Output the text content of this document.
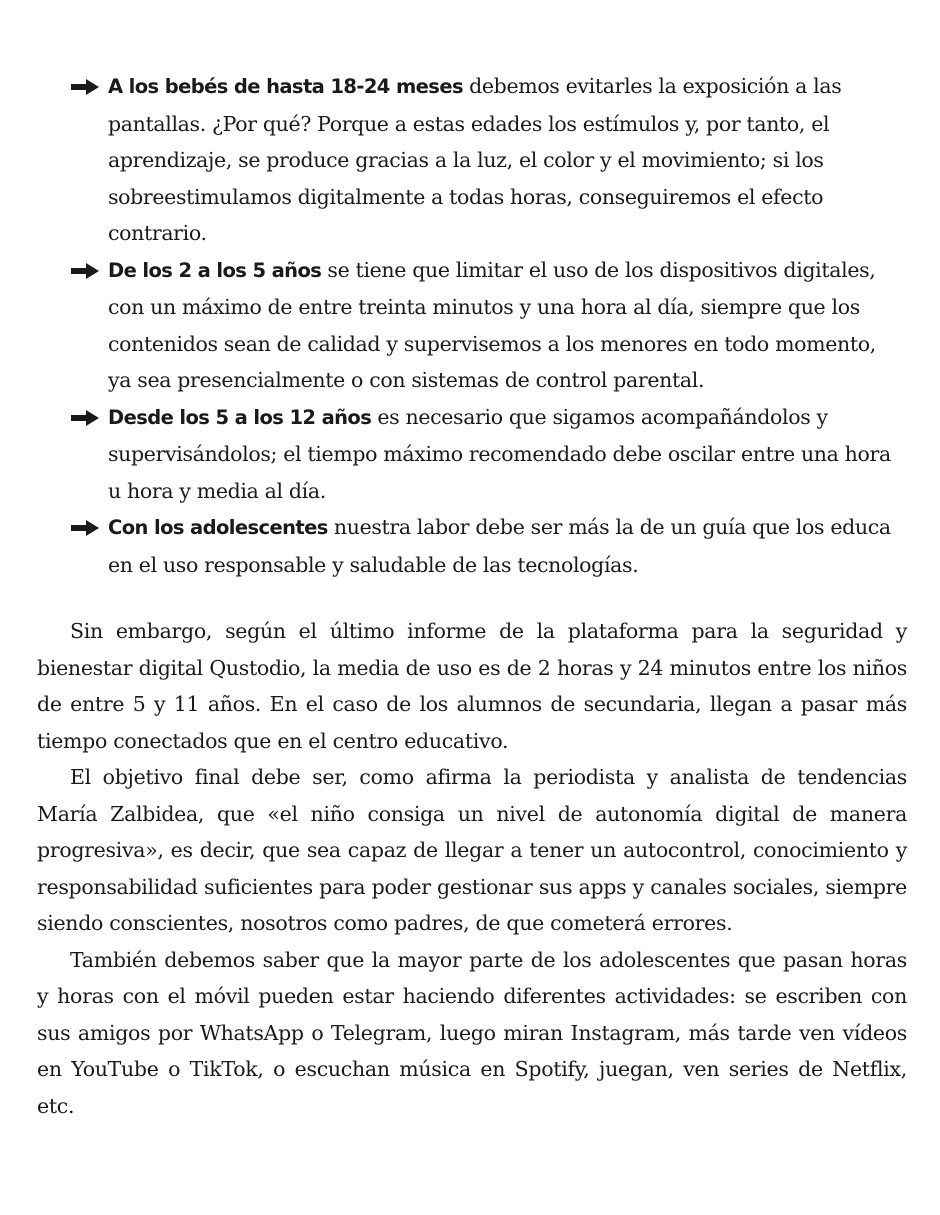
A los bebés de hasta 18-24 meses debemos evitarles la exposición a las pantallas. ¿Por qué? Porque a estas edades los estímulos y, por tanto, el aprendizaje, se produce gracias a la luz, el color y el movimiento; si los sobreestimulamos digitalmente a todas horas, conseguiremos el efecto contrario.
De los 2 a los 5 años se tiene que limitar el uso de los dispositivos digitales, con un máximo de entre treinta minutos y una hora al día, siempre que los contenidos sean de calidad y supervisemos a los menores en todo momento, ya sea presencialmente o con sistemas de control parental.
Desde los 5 a los 12 años es necesario que sigamos acompañándolos y supervisándolos; el tiempo máximo recomendado debe oscilar entre una hora u hora y media al día.
Con los adolescentes nuestra labor debe ser más la de un guía que los educa en el uso responsable y saludable de las tecnologías.

Sin embargo, según el último informe de la plataforma para la seguridad y bienestar digital Qustodio, la media de uso es de 2 horas y 24 minutos entre los niños de entre 5 y 11 años. En el caso de los alumnos de secundaria, llegan a pasar más tiempo conectados que en el centro educativo.

El objetivo final debe ser, como afirma la periodista y analista de tendencias María Zalbidea, que «el niño consiga un nivel de autonomía digital de manera progresiva», es decir, que sea capaz de llegar a tener un autocontrol, conocimiento y responsabilidad suficientes para poder gestionar sus apps y canales sociales, siempre siendo conscientes, nosotros como padres, de que cometerá errores.

También debemos saber que la mayor parte de los adolescentes que pasan horas y horas con el móvil pueden estar haciendo diferentes actividades: se escriben con sus amigos por WhatsApp o Telegram, luego miran Instagram, más tarde ven vídeos en YouTube o TikTok, o escuchan música en Spotify, juegan, ven series de Netflix, etc.
